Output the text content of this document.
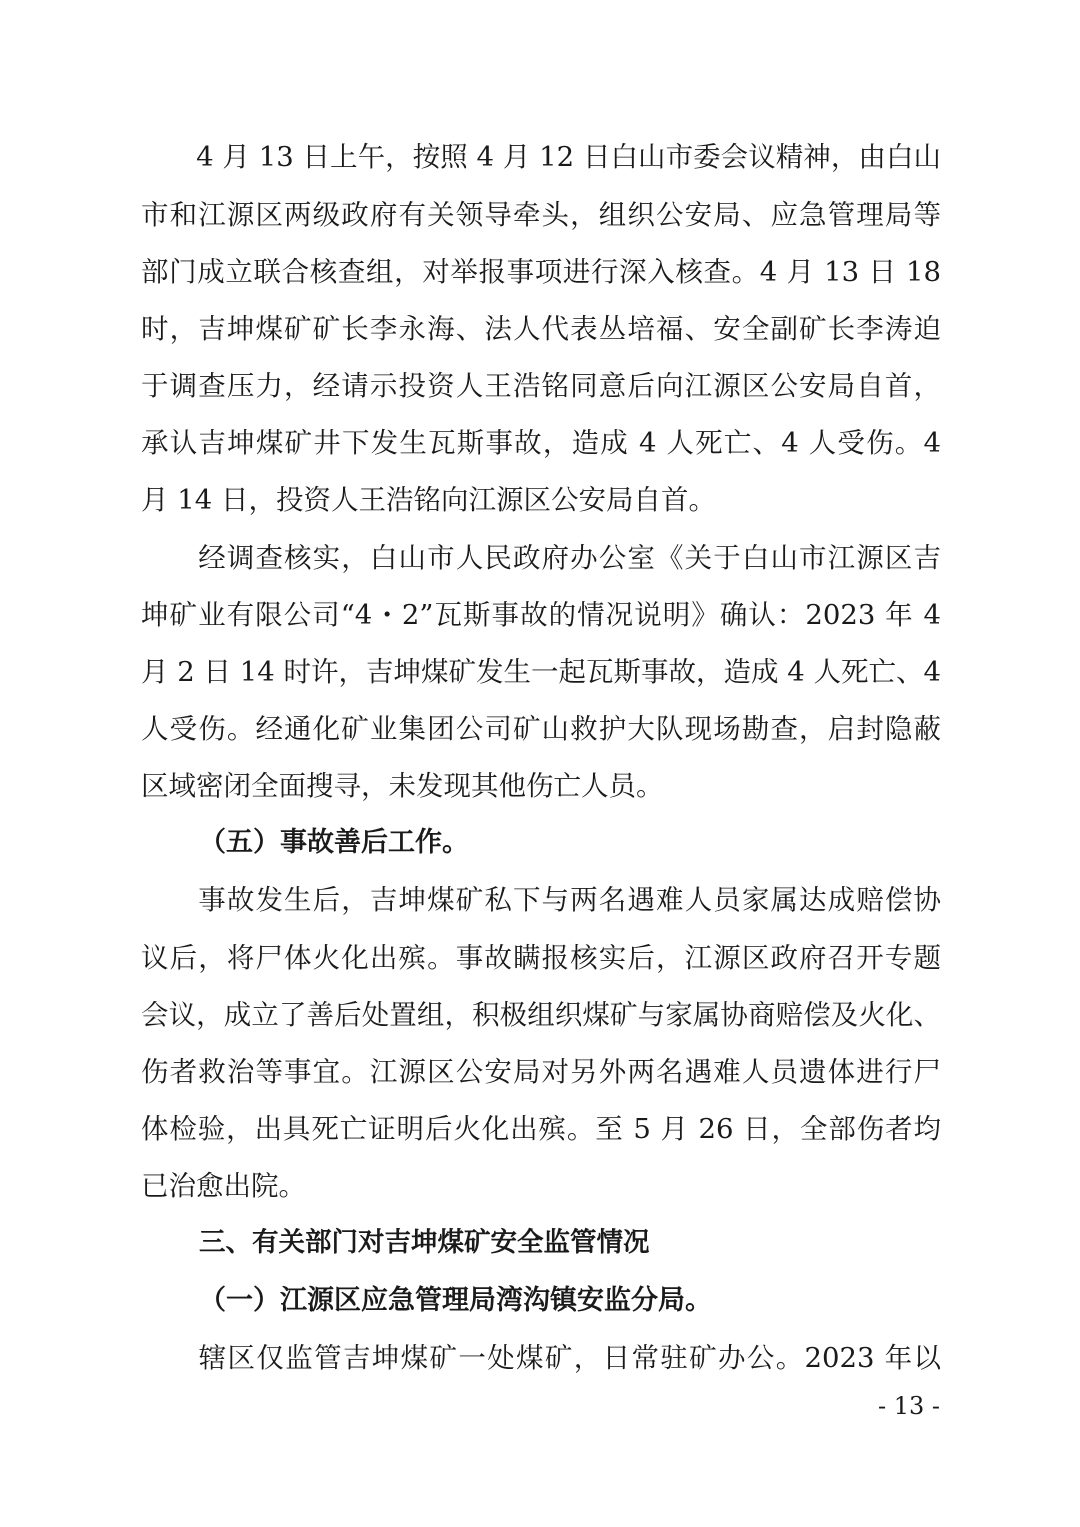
　　4 月 13 日上午，按照 4 月 12 日白山市委会议精神，由白山
市和江源区两级政府有关领导牵头，组织公安局、应急管理局等
部门成立联合核查组，对举报事项进行深入核查。4 月 13 日 18
时，吉坤煤矿矿长李永海、法人代表丛培福、安全副矿长李涛迫
于调查压力，经请示投资人王浩铭同意后向江源区公安局自首，
承认吉坤煤矿井下发生瓦斯事故，造成 4 人死亡、4 人受伤。4
月 14 日，投资人王浩铭向江源区公安局自首。
　　经调查核实，白山市人民政府办公室《关于白山市江源区吉
坤矿业有限公司“4・2”瓦斯事故的情况说明》确认：2023 年 4
月 2 日 14 时许，吉坤煤矿发生一起瓦斯事故，造成 4 人死亡、4
人受伤。经通化矿业集团公司矿山救护大队现场勘查，启封隐蔽
区域密闭全面搜寻，未发现其他伤亡人员。
（五）事故善后工作。
　　事故发生后，吉坤煤矿私下与两名遇难人员家属达成赔偿协
议后，将尸体火化出殡。事故瞒报核实后，江源区政府召开专题
会议，成立了善后处置组，积极组织煤矿与家属协商赔偿及火化、
伤者救治等事宜。江源区公安局对另外两名遇难人员遗体进行尸
体检验，出具死亡证明后火化出殡。至 5 月 26 日，全部伤者均
已治愈出院。
三、有关部门对吉坤煤矿安全监管情况
（一）江源区应急管理局湾沟镇安监分局。
　　辖区仅监管吉坤煤矿一处煤矿，日常驻矿办公。2023 年以
- 13 -
